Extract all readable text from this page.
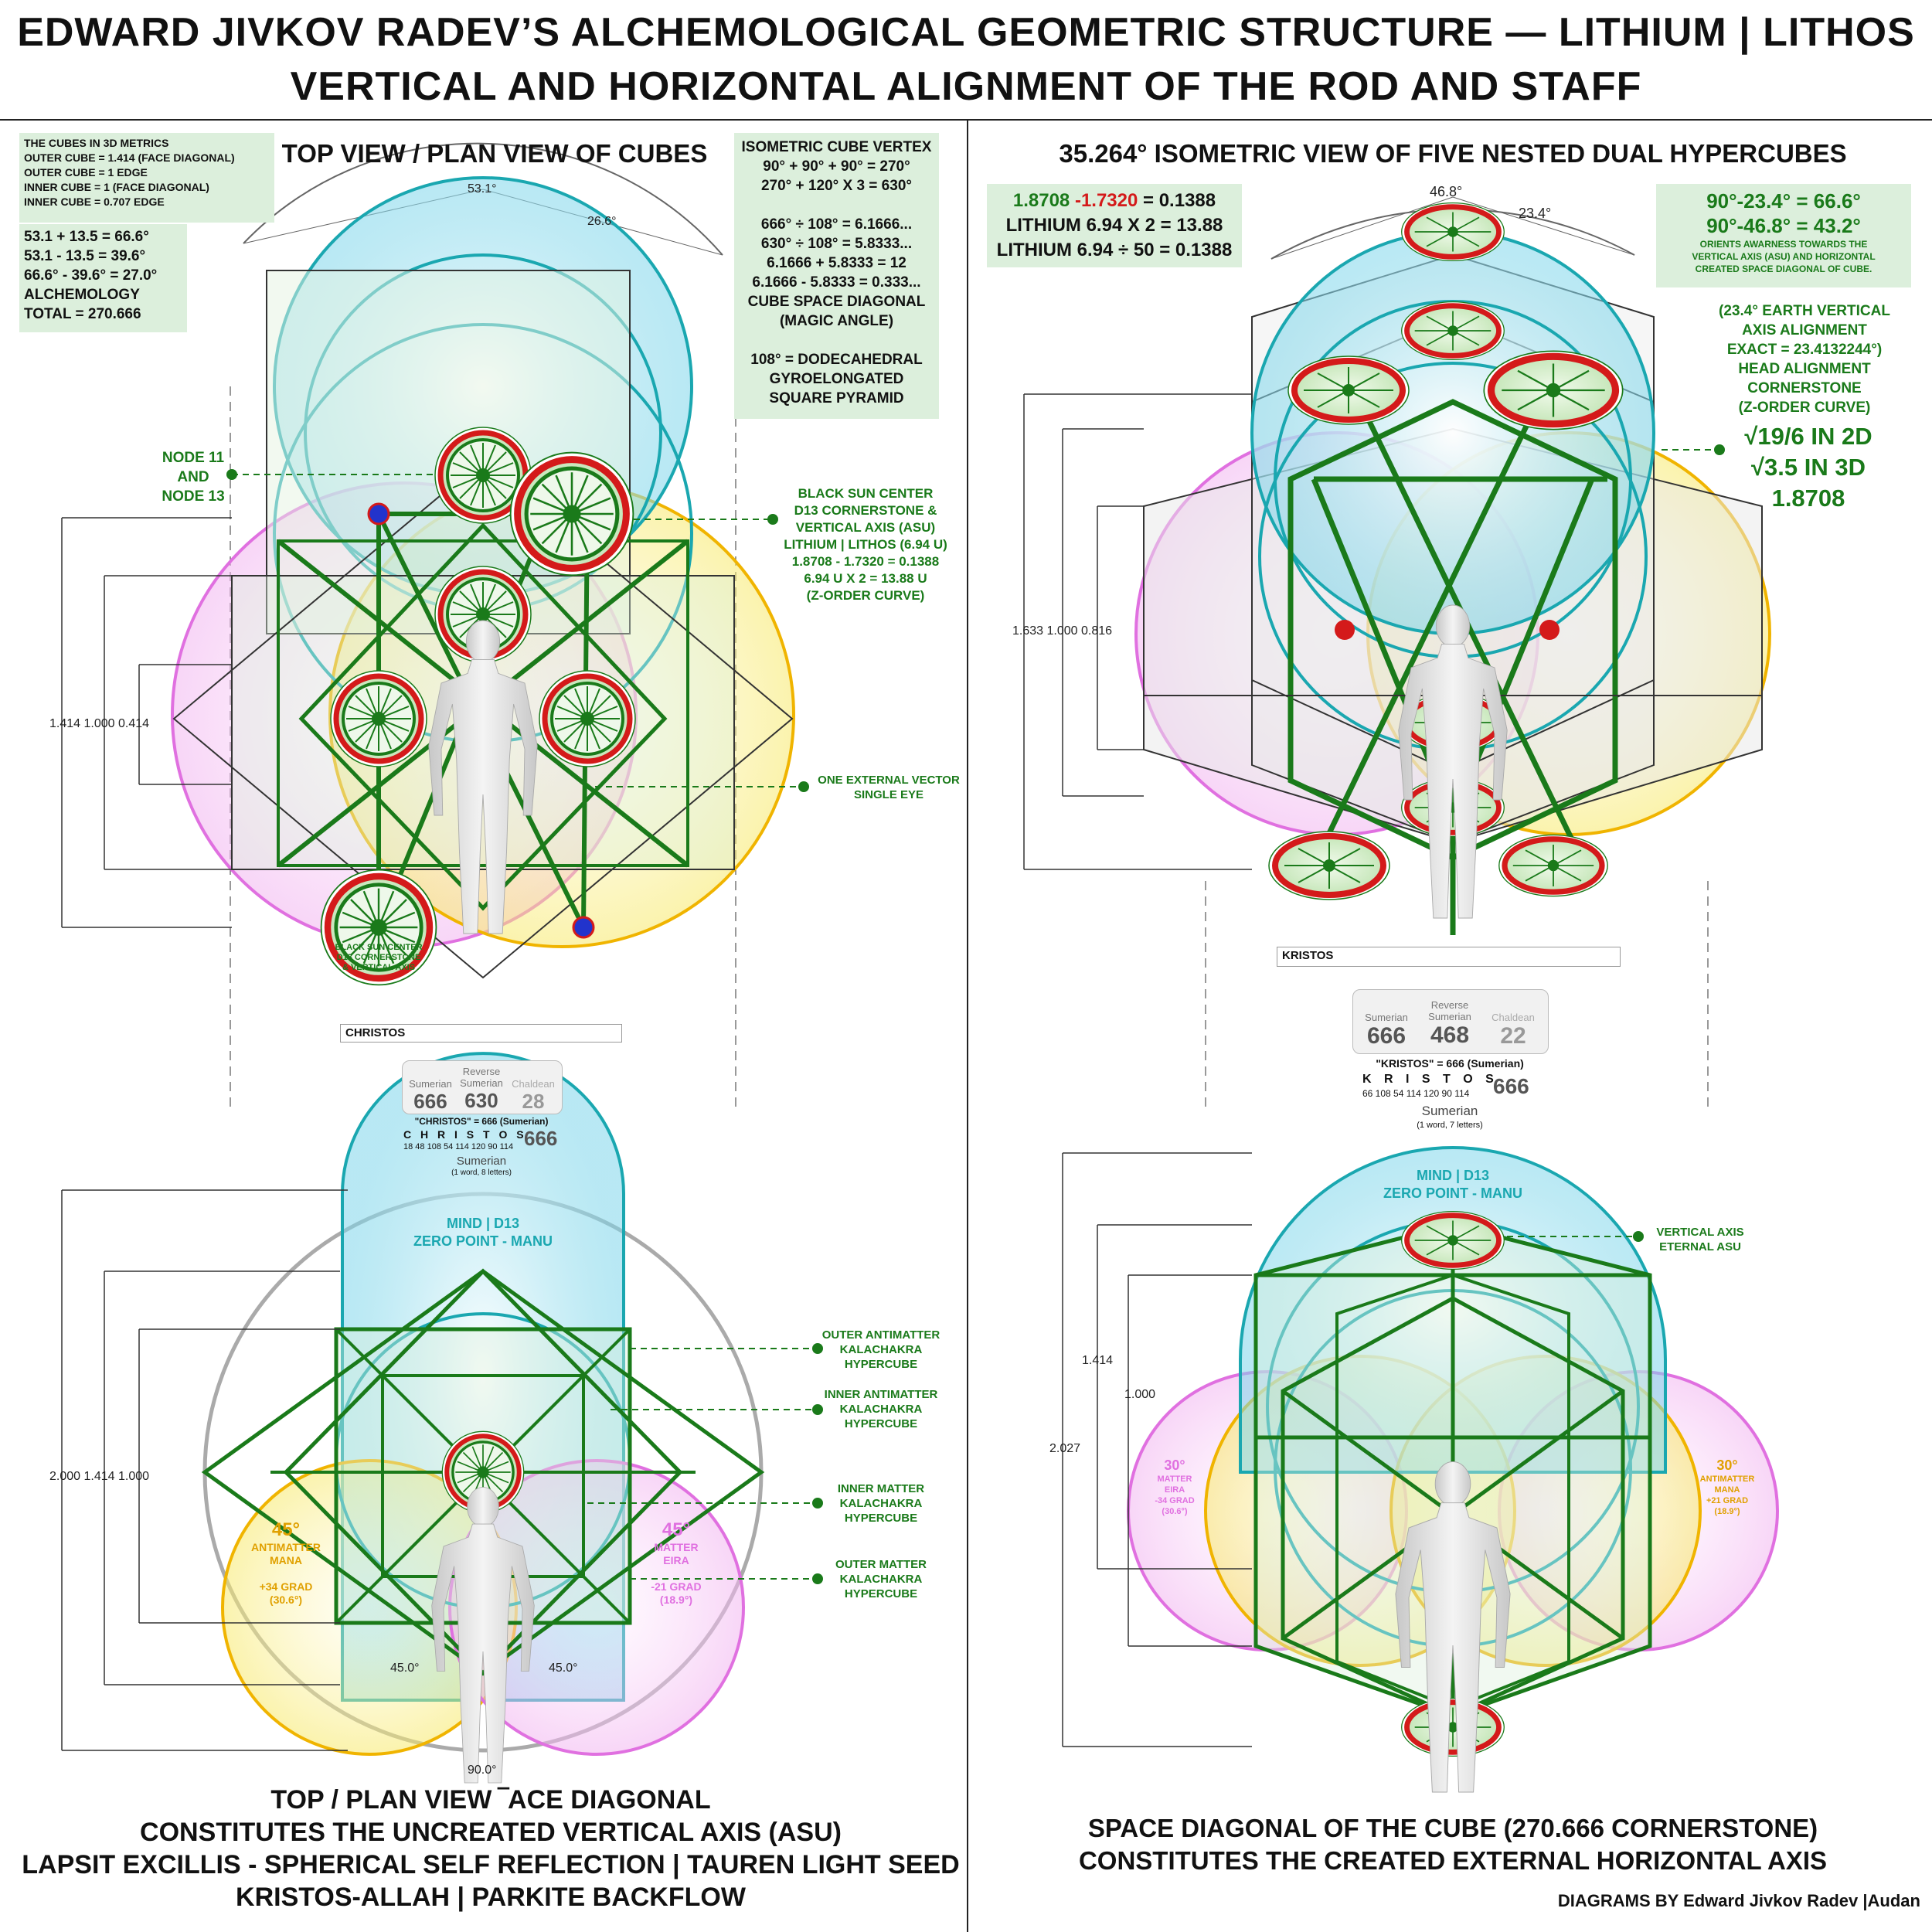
EDWARD JIVKOV RADEV’S ALCHEMOLOGICAL GEOMETRIC STRUCTURE — LITHIUM | LITHOS
VERTICAL AND HORIZONTAL ALIGNMENT OF THE ROD AND STAFF
TOP VIEW / PLAN VIEW OF CUBES
THE CUBES IN 3D METRICS
OUTER CUBE = 1.414 (FACE DIAGONAL)
OUTER CUBE = 1 EDGE
INNER CUBE = 1 (FACE DIAGONAL)
INNER CUBE = 0.707 EDGE
53.1 + 13.5 = 66.6°
53.1 - 13.5 = 39.6°
66.6° - 39.6° = 27.0°
ALCHEMOLOGY
TOTAL = 270.666
ISOMETRIC CUBE VERTEX
90° + 90° + 90° = 270°
270° + 120° X 3 = 630°
666° ÷ 108° = 6.1666...
630° ÷ 108° = 5.8333...
6.1666 + 5.8333 = 12
6.1666 - 5.8333 = 0.333...
CUBE SPACE DIAGONAL
(MAGIC ANGLE)
108° = DODECAHEDRAL
GYROELONGATED
SQUARE PYRAMID
53.1°
26.6°
NODE 11
AND
NODE 13	BLACK SUN CENTER
D13 CORNERSTONE &
VERTICAL AXIS (ASU)
LITHIUM | LITHOS (6.94 U)
1.8708 - 1.7320 = 0.1388
6.94 U X 2 = 13.88 U
(Z-ORDER CURVE)
ONE EXTERNAL VECTOR
SINGLE EYE
1.414 1.000 0.414
BLACK SUN CENTER
D13 CORNERSTONE
& VERTICAL AXIS
CHRISTOS
Sumerian
666
Reverse
Sumerian
630
Chaldean
28
"CHRISTOS" = 666 (Sumerian)
C H R I S T O S
18 48 108 54 114 120 90 114 666
Sumerian
(1 word, 8 letters)
MIND | D13
ZERO POINT - MANU
2.000 1.414 1.000
45°
ANTIMATTER
MANA
+34 GRAD
(30.6°)
45°
MATTER
EIRA
-21 GRAD
(18.9°)
45.0°	45.0°
90.0°
OUTER ANTIMATTER
KALACHAKRA
HYPERCUBE
INNER ANTIMATTER
KALACHAKRA
HYPERCUBE
INNER MATTER
KALACHAKRA
HYPERCUBE
OUTER MATTER
KALACHAKRA
HYPERCUBE
TOP / PLAN VIEW ‾ACE DIAGONAL
CONSTITUTES THE UNCREATED VERTICAL AXIS (ASU)
LAPSIT EXCILLIS - SPHERICAL SELF REFLECTION | TAUREN LIGHT SEED
KRISTOS-ALLAH | PARKITE BACKFLOW
35.264° ISOMETRIC VIEW OF FIVE NESTED DUAL HYPERCUBES
1.8708 -1.7320 = 0.1388
LITHIUM 6.94 X 2 = 13.88
LITHIUM 6.94 ÷ 50 = 0.1388
46.8°
23.4°
90°-23.4° = 66.6°
90°-46.8° = 43.2°
ORIENTS AWARNESS TOWARDS THE
VERTICAL AXIS (ASU) AND HORIZONTAL
CREATED SPACE DIAGONAL OF CUBE.
(23.4° EARTH VERTICAL
AXIS ALIGNMENT
EXACT = 23.4132244°)
HEAD ALIGNMENT
CORNERSTONE
(Z-ORDER CURVE)
√19/6 IN 2D
√3.5 IN 3D
1.8708
1.633 1.000 0.816
KRISTOS
Sumerian
666
Reverse
Sumerian
468
Chaldean
22
"KRISTOS" = 666 (Sumerian)
K R I S T O S
66 108 54 114 120 90 114 666
Sumerian
(1 word, 7 letters)
MIND | D13
ZERO POINT - MANU
VERTICAL AXIS
ETERNAL ASU
1.414
1.000
2.027
30°
MATTER
EIRA
-34 GRAD
(30.6°)
30°
ANTIMATTER
MANA
+21 GRAD
(18.9°)
SPACE DIAGONAL OF THE CUBE (270.666 CORNERSTONE)
CONSTITUTES THE CREATED EXTERNAL HORIZONTAL AXIS
DIAGRAMS BY Edward Jivkov Radev |Audan
